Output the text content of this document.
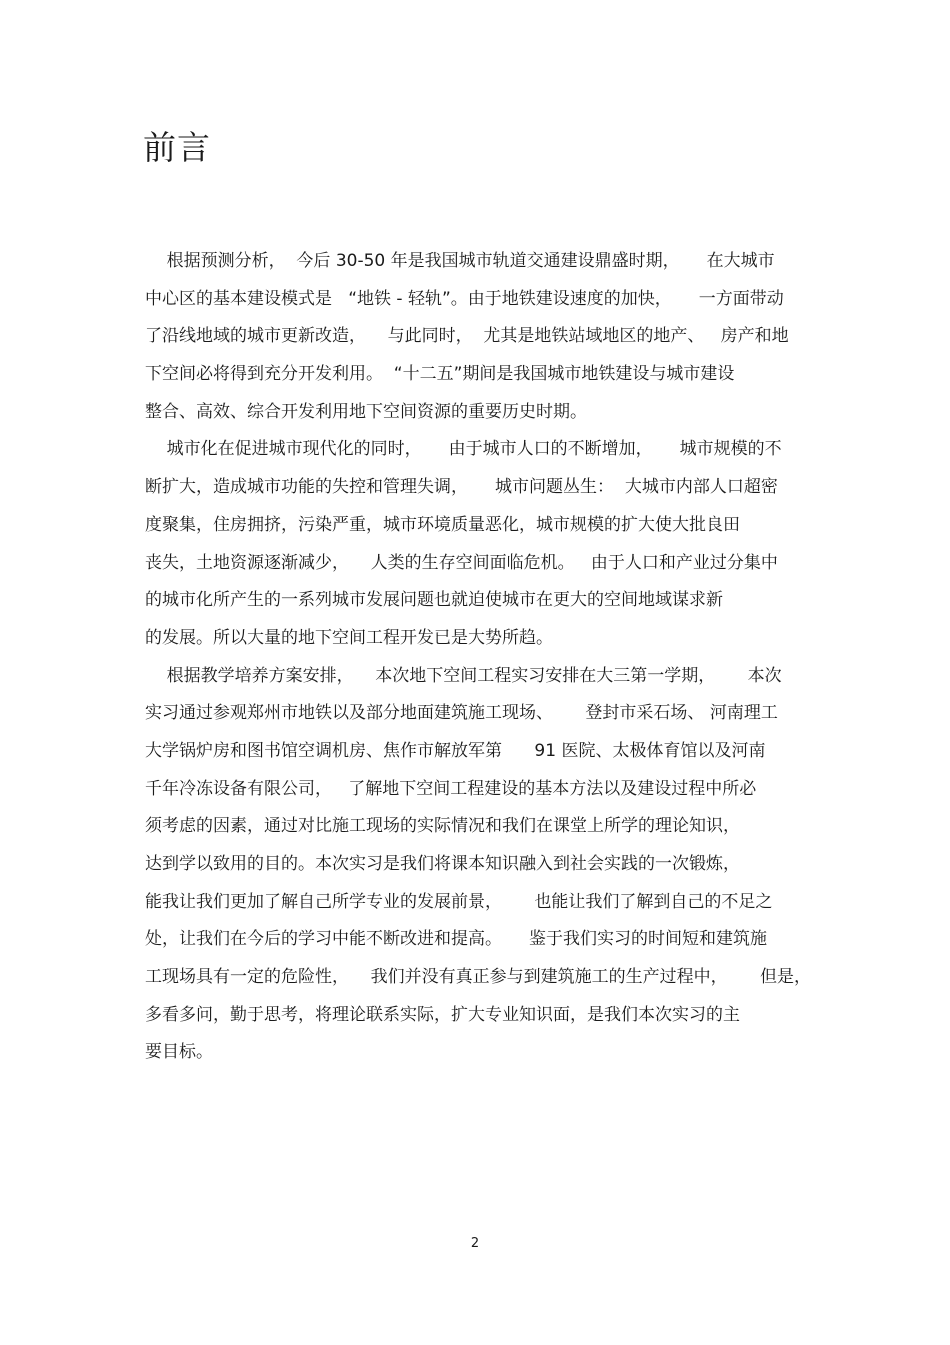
前言
根据预测分析，  今后 30-50 年是我国城市轨道交通建设鼎盛时期，     在大城市
中心区的基本建设模式是   “地铁 - 轻轨”。由于地铁建设速度的加快，     一方面带动
了沿线地域的城市更新改造，    与此同时，  尤其是地铁站域地区的地产、   房产和地
下空间必将得到充分开发利用。  “十二五”期间是我国城市地铁建设与城市建设
整合、高效、综合开发利用地下空间资源的重要历史时期。
城市化在促进城市现代化的同时，     由于城市人口的不断增加，     城市规模的不
断扩大，造成城市功能的失控和管理失调，     城市问题丛生：  大城市内部人口超密
度聚集，住房拥挤，污染严重，城市环境质量恶化，城市规模的扩大使大批良田
丧失，土地资源逐渐减少，    人类的生存空间面临危机。   由于人口和产业过分集中
的城市化所产生的一系列城市发展问题也就迫使城市在更大的空间地域谋求新
的发展。所以大量的地下空间工程开发已是大势所趋。
根据教学培养方案安排，    本次地下空间工程实习安排在大三第一学期，      本次
实习通过参观郑州市地铁以及部分地面建筑施工现场、      登封市采石场、 河南理工
大学锅炉房和图书馆空调机房、焦作市解放军第      91 医院、太极体育馆以及河南
千年冷冻设备有限公司，   了解地下空间工程建设的基本方法以及建设过程中所必
须考虑的因素，通过对比施工现场的实际情况和我们在课堂上所学的理论知识，
达到学以致用的目的。本次实习是我们将课本知识融入到社会实践的一次锻炼，
能我让我们更加了解自己所学专业的发展前景，      也能让我们了解到自己的不足之
处，让我们在今后的学习中能不断改进和提高。     鉴于我们实习的时间短和建筑施
工现场具有一定的危险性，    我们并没有真正参与到建筑施工的生产过程中，      但是，
多看多问，勤于思考，将理论联系实际，扩大专业知识面，是我们本次实习的主
要目标。
2
